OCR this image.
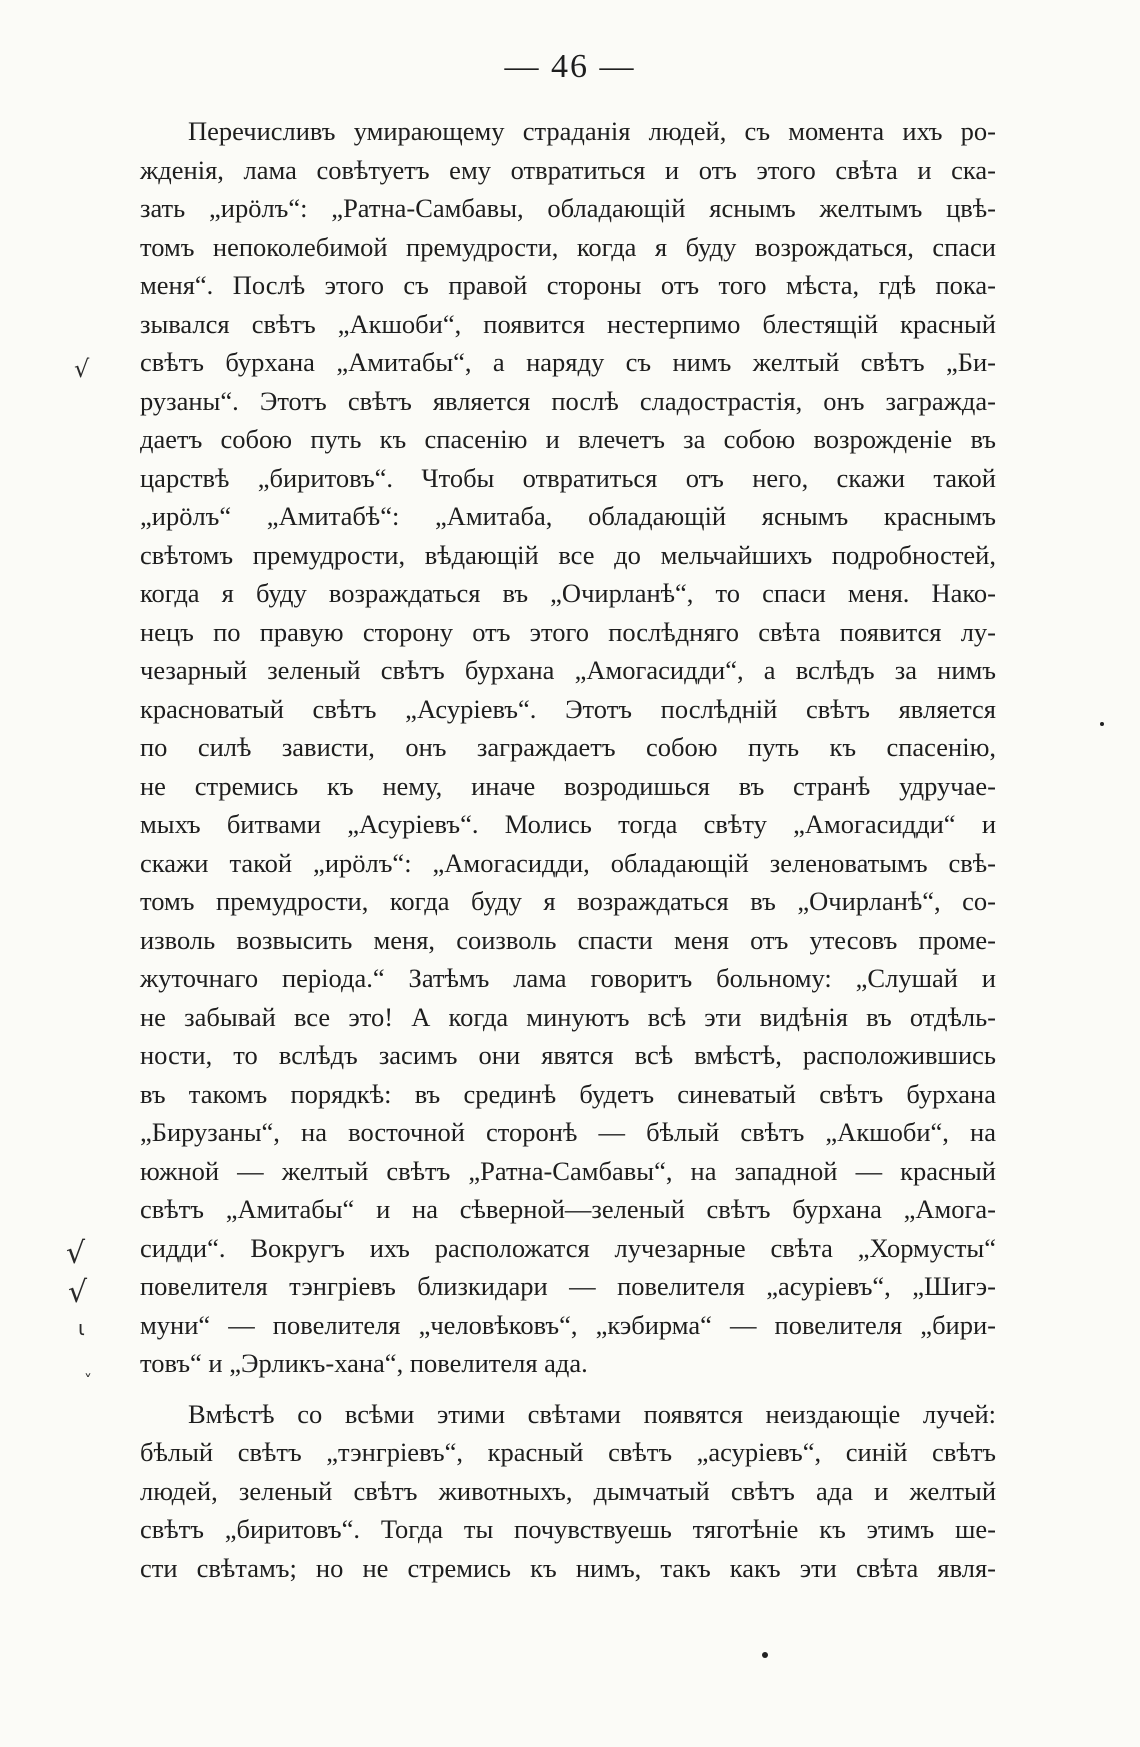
— 46 —
√
√
√
ι
ˬ
Перечисливъ умирающему страданія людей, съ момента ихъ ро-
жденія, лама совѣтуетъ ему отвратиться и отъ этого свѣта и ска-
зать „ирöлъ“: „Ратна-Самбавы, обладающій яснымъ желтымъ цвѣ-
томъ непоколебимой премудрости, когда я буду возрождаться, спаси
меня“. Послѣ этого съ правой стороны отъ того мѣста, гдѣ пока-
зывался свѣтъ „Акшоби“, появится нестерпимо блестящій красный
свѣтъ бурхана „Амитабы“, а наряду съ нимъ желтый свѣтъ „Би-
рузаны“. Этотъ свѣтъ является послѣ сладострастія, онъ загражда-
даетъ собою путь къ спасенію и влечетъ за собою возрожденіе въ
царствѣ „биритовъ“. Чтобы отвратиться отъ него, скажи такой
„ирöлъ“ „Амитабѣ“: „Амитаба, обладающій яснымъ краснымъ
свѣтомъ премудрости, вѣдающій все до мельчайшихъ подробностей,
когда я буду возраждаться въ „Очирланѣ“, то спаси меня. Нако-
нецъ по правую сторону отъ этого послѣдняго свѣта появится лу-
чезарный зеленый свѣтъ бурхана „Амогасидди“, а вслѣдъ за нимъ
красноватый свѣтъ „Асуріевъ“. Этотъ послѣдній свѣтъ является
по силѣ зависти, онъ заграждаетъ собою путь къ спасенію,
не стремись къ нему, иначе возродишься въ странѣ удручае-
мыхъ битвами „Асуріевъ“. Молись тогда свѣту „Амогасидди“ и
скажи такой „ирöлъ“: „Амогасидди, обладающій зеленоватымъ свѣ-
томъ премудрости, когда буду я возраждаться въ „Очирланѣ“, со-
изволь возвысить меня, соизволь спасти меня отъ утесовъ проме-
жуточнаго періода.“ Затѣмъ лама говоритъ больному: „Слушай и
не забывай все это! А когда минуютъ всѣ эти видѣнія въ отдѣль-
ности, то вслѣдъ засимъ они явятся всѣ вмѣстѣ, расположившись
въ такомъ порядкѣ: въ срединѣ будетъ синеватый свѣтъ бурхана
„Бирузаны“, на восточной сторонѣ — бѣлый свѣтъ „Акшоби“, на
южной — желтый свѣтъ „Ратна-Самбавы“, на западной — красный
свѣтъ „Амитабы“ и на сѣверной—зеленый свѣтъ бурхана „Амога-
сидди“. Вокругъ ихъ расположатся лучезарные свѣта „Хормусты“
повелителя тэнгріевъ близкидари — повелителя „асуріевъ“, „Шигэ-
муни“ — повелителя „человѣковъ“, „кэбирма“ — повелителя „бири-
товъ“ и „Эрликъ-хана“, повелителя ада.
Вмѣстѣ со всѣми этими свѣтами появятся неиздающіе лучей:
бѣлый свѣтъ „тэнгріевъ“, красный свѣтъ „асуріевъ“, синій свѣтъ
людей, зеленый свѣтъ животныхъ, дымчатый свѣтъ ада и желтый
свѣтъ „биритовъ“. Тогда ты почувствуешь тяготѣніе къ этимъ ше-
сти свѣтамъ; но не стремись къ нимъ, такъ какъ эти свѣта явля-
